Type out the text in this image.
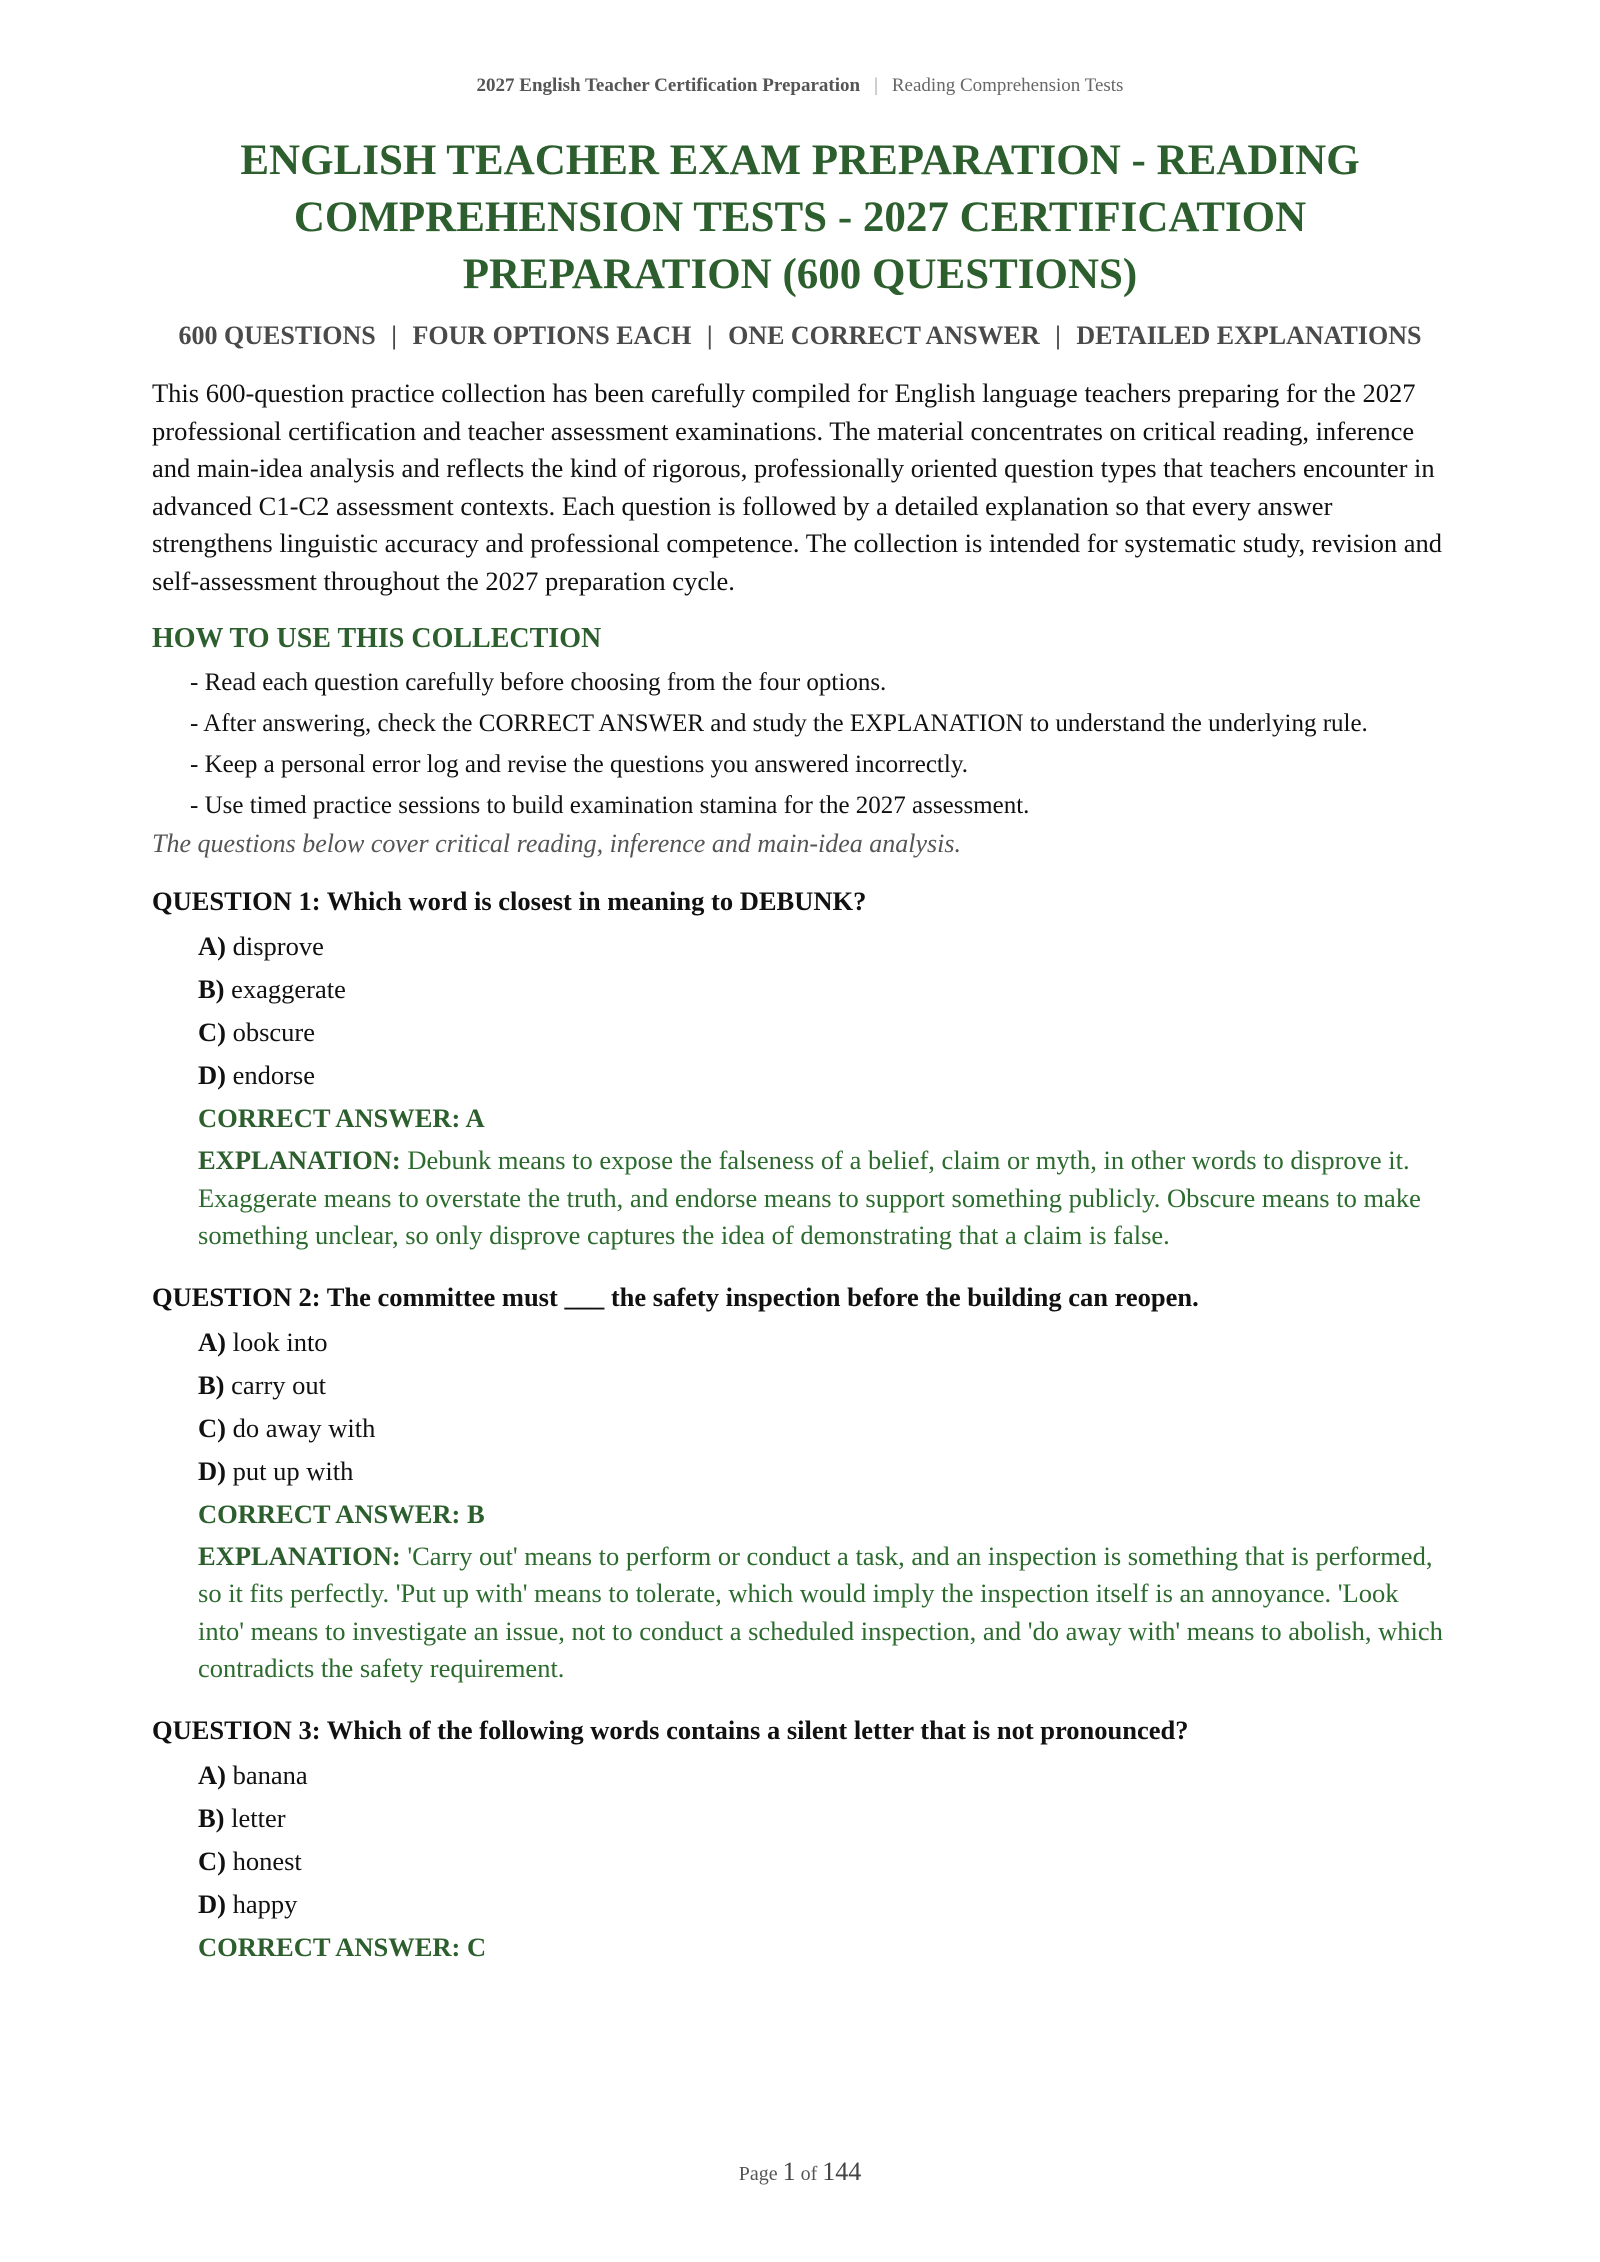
2027 English Teacher Certification Preparation | Reading Comprehension Tests
ENGLISH TEACHER EXAM PREPARATION - READING COMPREHENSION TESTS - 2027 CERTIFICATION PREPARATION (600 QUESTIONS)
600 QUESTIONS | FOUR OPTIONS EACH | ONE CORRECT ANSWER | DETAILED EXPLANATIONS

This 600-question practice collection has been carefully compiled for English language teachers preparing for the 2027 professional certification and teacher assessment examinations. The material concentrates on critical reading, inference and main-idea analysis and reflects the kind of rigorous, professionally oriented question types that teachers encounter in advanced C1-C2 assessment contexts. Each question is followed by a detailed explanation so that every answer strengthens linguistic accuracy and professional competence. The collection is intended for systematic study, revision and self-assessment throughout the 2027 preparation cycle.

HOW TO USE THIS COLLECTION
- Read each question carefully before choosing from the four options.
- After answering, check the CORRECT ANSWER and study the EXPLANATION to understand the underlying rule.
- Keep a personal error log and revise the questions you answered incorrectly.
- Use timed practice sessions to build examination stamina for the 2027 assessment.
The questions below cover critical reading, inference and main-idea analysis.
QUESTION 1: Which word is closest in meaning to DEBUNK?
A) disprove
B) exaggerate
C) obscure
D) endorse
CORRECT ANSWER: A
EXPLANATION: Debunk means to expose the falseness of a belief, claim or myth, in other words to disprove it. Exaggerate means to overstate the truth, and endorse means to support something publicly. Obscure means to make something unclear, so only disprove captures the idea of demonstrating that a claim is false.
QUESTION 2: The committee must ___ the safety inspection before the building can reopen.
A) look into
B) carry out
C) do away with
D) put up with
CORRECT ANSWER: B
EXPLANATION: 'Carry out' means to perform or conduct a task, and an inspection is something that is performed, so it fits perfectly. 'Put up with' means to tolerate, which would imply the inspection itself is an annoyance. 'Look into' means to investigate an issue, not to conduct a scheduled inspection, and 'do away with' means to abolish, which contradicts the safety requirement.
QUESTION 3: Which of the following words contains a silent letter that is not pronounced?
A) banana
B) letter
C) honest
D) happy
CORRECT ANSWER: C
Page 1 of 144
